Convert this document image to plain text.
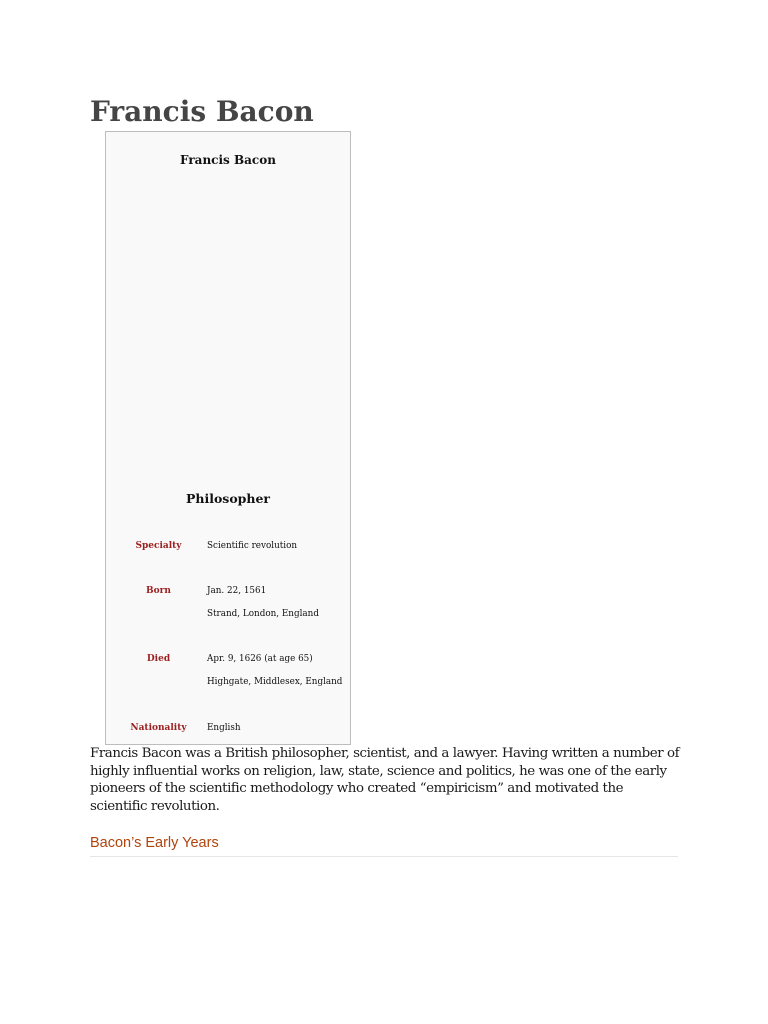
Francis Bacon
Francis Bacon
Philosopher
Specialty	Scientific revolution
Born	Jan. 22, 1561
Strand, London, England
Died	Apr. 9, 1626 (at age 65)
Highgate, Middlesex, England
Nationality	English

Francis Bacon was a British philosopher, scientist, and a lawyer. Having written a number of highly influential works on religion, law, state, science and politics, he was one of the early pioneers of the scientific methodology who created “empiricism” and motivated the scientific revolution.

Bacon’s Early Years
